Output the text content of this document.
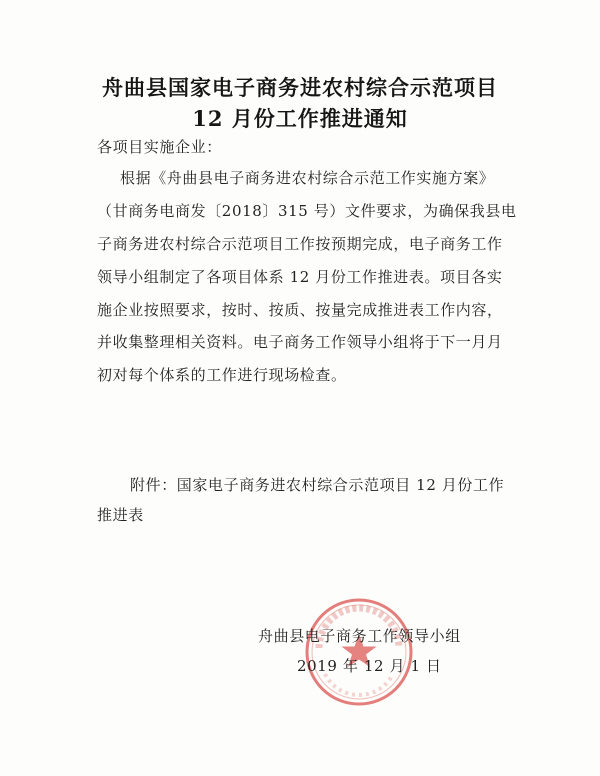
舟曲县国家电子商务进农村综合示范项目
12 月份工作推进通知
各项目实施企业：
根据《舟曲县电子商务进农村综合示范工作实施方案》
（甘商务电商发〔2018〕315 号）文件要求，为确保我县电
子商务进农村综合示范项目工作按预期完成，电子商务工作
领导小组制定了各项目体系 12 月份工作推进表。项目各实
施企业按照要求，按时、按质、按量完成推进表工作内容，
并收集整理相关资料。电子商务工作领导小组将于下一月月
初对每个体系的工作进行现场检查。
附件：国家电子商务进农村综合示范项目 12 月份工作
推进表
舟曲县电子商务工作领导小组
2019 年 12 月 1 日
